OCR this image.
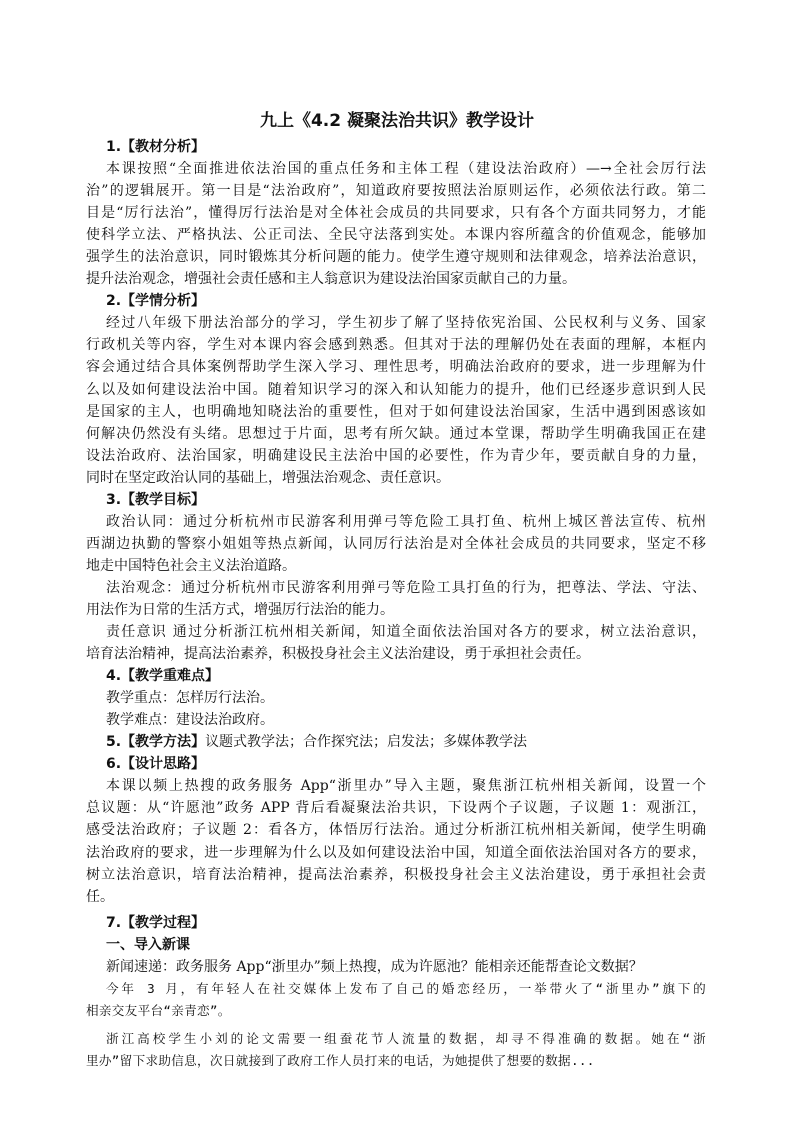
九上《4.2 凝聚法治共识》教学设计
1.【教材分析】
本课按照“全面推进依法治国的重点任务和主体工程（建设法治政府）—→全社会厉行法
治”的逻辑展开。第一目是“法治政府”，知道政府要按照法治原则运作，必须依法行政。第二
目是“厉行法治”，懂得厉行法治是对全体社会成员的共同要求，只有各个方面共同努力，才能
使科学立法、严格执法、公正司法、全民守法落到实处。本课内容所蕴含的价值观念，能够加
强学生的法治意识，同时锻炼其分析问题的能力。使学生遵守规则和法律观念，培养法治意识，
提升法治观念，增强社会责任感和主人翁意识为建设法治国家贡献自己的力量。
2.【学情分析】
经过八年级下册法治部分的学习，学生初步了解了坚持依宪治国、公民权利与义务、国家
行政机关等内容，学生对本课内容会感到熟悉。但其对于法的理解仍处在表面的理解，本框内
容会通过结合具体案例帮助学生深入学习、理性思考，明确法治政府的要求，进一步理解为什
么以及如何建设法治中国。随着知识学习的深入和认知能力的提升，他们已经逐步意识到人民
是国家的主人，也明确地知晓法治的重要性，但对于如何建设法治国家，生活中遇到困惑该如
何解决仍然没有头绪。思想过于片面，思考有所欠缺。通过本堂课，帮助学生明确我国正在建
设法治政府、法治国家，明确建设民主法治中国的必要性，作为青少年，要贡献自身的力量，
同时在坚定政治认同的基础上，增强法治观念、责任意识。
3.【教学目标】
政治认同：通过分析杭州市民游客利用弹弓等危险工具打鱼、杭州上城区普法宣传、杭州
西湖边执勤的警察小姐姐等热点新闻，认同厉行法治是对全体社会成员的共同要求，坚定不移
地走中国特色社会主义法治道路。
法治观念：通过分析杭州市民游客利用弹弓等危险工具打鱼的行为，把尊法、学法、守法、
用法作为日常的生活方式，增强厉行法治的能力。
责任意识 通过分析浙江杭州相关新闻，知道全面依法治国对各方的要求，树立法治意识，
培育法治精神，提高法治素养，积极投身社会主义法治建设，勇于承担社会责任。
4.【教学重难点】
教学重点：怎样厉行法治。
教学难点：建设法治政府。
5.【教学方法】议题式教学法；合作探究法；启发法；多媒体教学法
6.【设计思路】
本课以频上热搜的政务服务 App“浙里办”导入主题，聚焦浙江杭州相关新闻，设置一个
总议题：从“许愿池”政务 APP 背后看凝聚法治共识，下设两个子议题，子议题 1：观浙江，
感受法治政府；子议题 2：看各方，体悟厉行法治。通过分析浙江杭州相关新闻，使学生明确
法治政府的要求，进一步理解为什么以及如何建设法治中国，知道全面依法治国对各方的要求，
树立法治意识，培育法治精神，提高法治素养，积极投身社会主义法治建设，勇于承担社会责
任。
7.【教学过程】
一、导入新课
新闻速递：政务服务 App“浙里办”频上热搜，成为许愿池？能相亲还能帮查论文数据？
今年 3 月，有年轻人在社交媒体上发布了自己的婚恋经历，一举带火了“浙里办”旗下的
相亲交友平台“亲青恋”。
浙江高校学生小刘的论文需要一组蚕花节人流量的数据，却寻不得准确的数据。她在“浙
里办”留下求助信息，次日就接到了政府工作人员打来的电话，为她提供了想要的数据...
